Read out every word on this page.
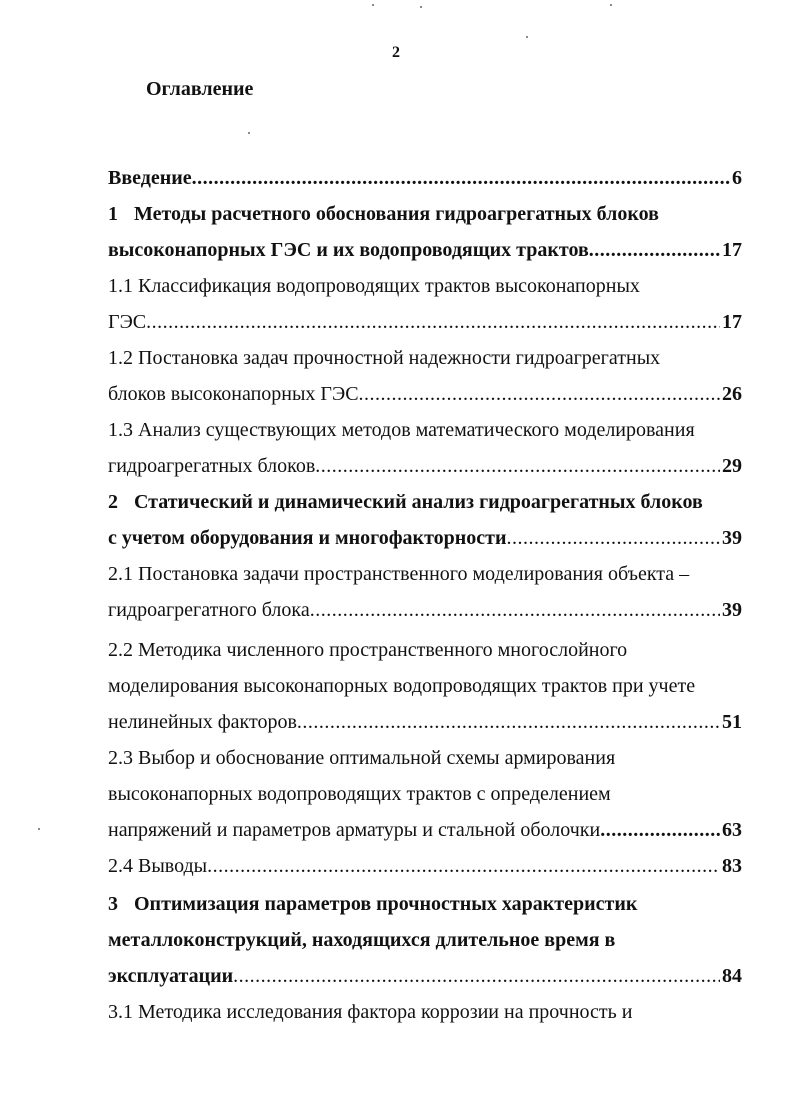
2
Оглавление
Введение .....	6
1 Методы расчетного обоснования гидроагрегатных блоков
высоконапорных ГЭС и их водопроводящих трактов .....	17
1.1 Классификация водопроводящих трактов высоконапорных
ГЭС .....	17
1.2 Постановка задач прочностной надежности гидроагрегатных
блоков высоконапорных ГЭС .....	26
1.3 Анализ существующих методов математического моделирования
гидроагрегатных блоков .....	29
2 Статический и динамический анализ гидроагрегатных блоков
с учетом оборудования и многофакторности .....	39
2.1 Постановка задачи пространственного моделирования объекта –
гидроагрегатного блока .....	39
2.2 Методика численного пространственного многослойного
моделирования высоконапорных водопроводящих трактов при учете
нелинейных факторов .....	51
2.3 Выбор и обоснование оптимальной схемы армирования
высоконапорных водопроводящих трактов с определением
напряжений и параметров арматуры и стальной оболочки .....	63
2.4 Выводы .....	83
3 Оптимизация параметров прочностных характеристик
металлоконструкций, находящихся длительное время в
эксплуатации .....	84
3.1 Методика исследования фактора коррозии на прочность и
